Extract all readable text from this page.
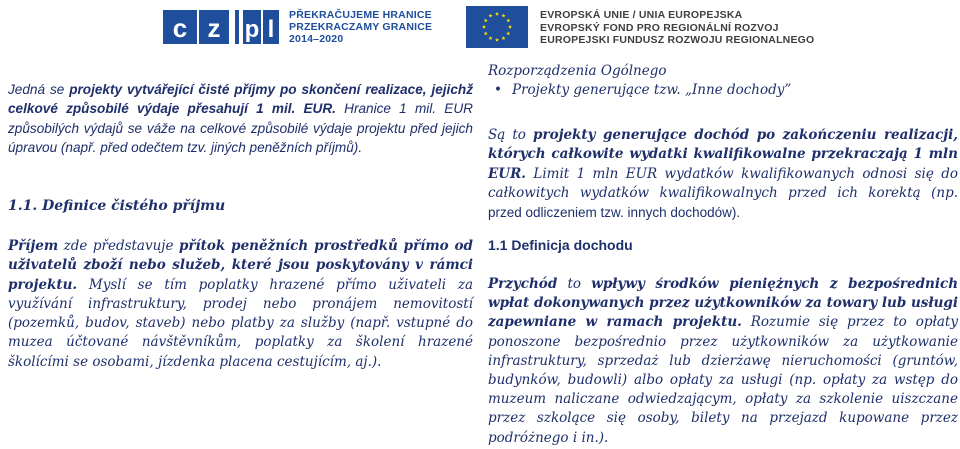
c z p l
PŘEKRAČUJEME HRANICE
PRZEKRACZAMY GRANICE
2014–2020
EVROPSKÁ UNIE / UNIA EUROPEJSKA
EVROPSKÝ FOND PRO REGIONÁLNÍ ROZVOJ
EUROPEJSKI FUNDUSZ ROZWOJU REGIONALNEGO
Jedná se projekty vytvářející čisté příjmy po skončení realizace, jejichž celkové způsobilé výdaje přesahují 1 mil. EUR. Hranice 1 mil. EUR způsobilých výdajů se váže na celkové způsobilé výdaje projektu před jejich úpravou (např. před odečtem tzv. jiných peněžních příjmů).
1.1. Definice čistého příjmu
Příjem zde představuje přítok peněžních prostředků přímo od uživatelů zboží nebo služeb, které jsou poskytovány v rámci projektu. Myslí se tím poplatky hrazené přímo uživateli za využívání infrastruktury, prodej nebo pronájem nemovitostí (pozemků, budov, staveb) nebo platby za služby (např. vstupné do muzea účtované návštěvníkům, poplatky za školení hrazené školícími se osobami, jízdenka placena cestujícím, aj.).
Rozporządzenia Ogólnego
• Projekty generujące tzw. „Inne dochody”
Są to projekty generujące dochód po zakończeniu realizacji, których całkowite wydatki kwalifikowalne przekraczają 1 mln EUR. Limit 1 mln EUR wydatków kwalifikowanych odnosi się do całkowitych wydatków kwalifikowalnych przed ich korektą (np. przed odliczeniem tzw. innych dochodów).
1.1 Definicja dochodu
Przychód to wpływy środków pieniężnych z bezpośrednich wpłat dokonywanych przez użytkowników za towary lub usługi zapewniane w ramach projektu. Rozumie się przez to opłaty ponoszone bezpośrednio przez użytkowników za użytkowanie infrastruktury, sprzedaż lub dzierżawę nieruchomości (gruntów, budynków, budowli) albo opłaty za usługi (np. opłaty za wstęp do muzeum naliczane odwiedzającym, opłaty za szkolenie uiszczane przez szkolące się osoby, bilety na przejazd kupowane przez podróżnego i in.).
